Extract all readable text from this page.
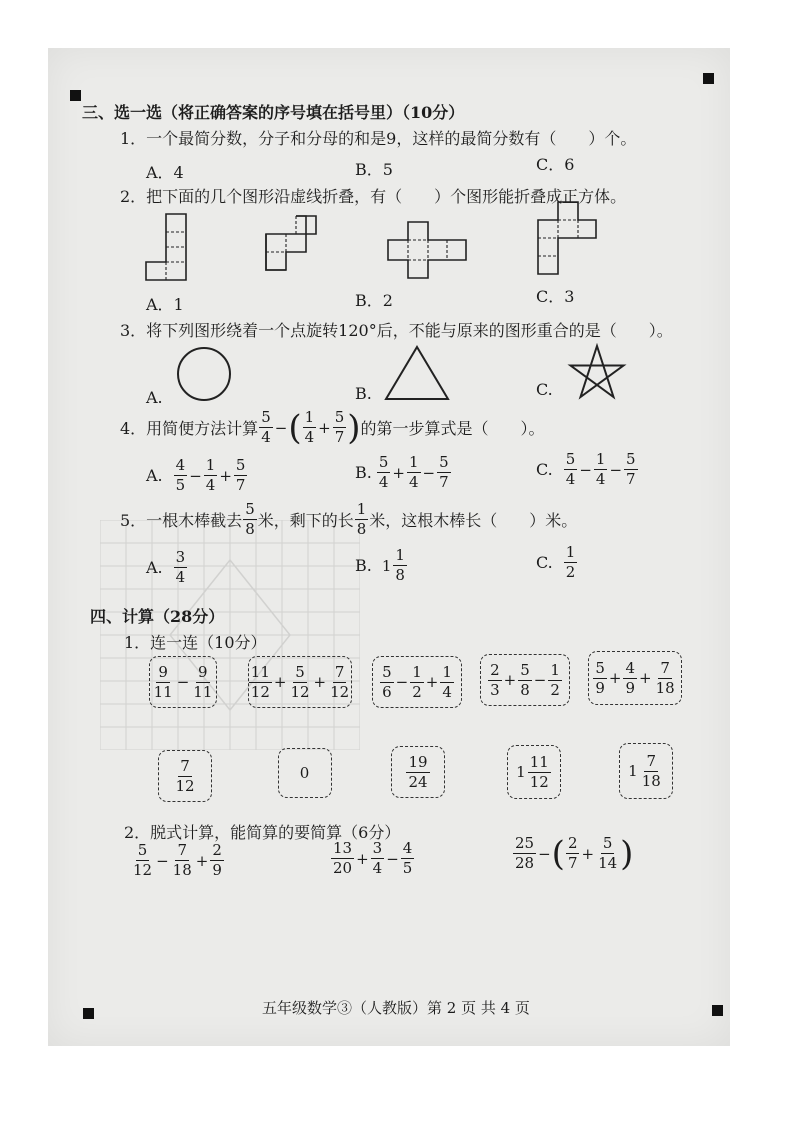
三、选一选（将正确答案的序号填在括号里）（10分）
1．一个最简分数，分子和分母的和是9，这样的最简分数有（　　）个。
A．4	B．5	C．6
2．把下面的几个图形沿虚线折叠，有（　　）个图形能折叠成正方体。
A．1	B．2	C．3
3．将下列图形绕着一个点旋转120°后，不能与原来的图形重合的是（　　）。
A.	B.	C.
4．用简便方法计算 $\frac{5}{4}$ − ( $\frac{1}{4} + \frac{5}{7}$ ) 的第一步算式是（　　）。
A. $\frac{4}{5} - \frac{1}{4} + \frac{5}{7}$	B. $\frac{5}{4} + \frac{1}{4} - \frac{5}{7}$	C. $\frac{5}{4} - \frac{1}{4} - \frac{5}{7}$
5．一根木棒截去 $\frac{5}{8}$ 米，剩下的长 $\frac{1}{8}$ 米，这根木棒长（　　）米。
A. $\frac{3}{4}$	B. $1 \frac{1}{8}$	C. $\frac{1}{2}$
四、计算（28分）
1．连一连（10分）
$\frac{9}{11} - \frac{9}{11} \frac{11}{12} + \frac{5}{12} + \frac{7}{12} \frac{5}{6} - \frac{1}{2} + \frac{1}{4} \frac{2}{3} + \frac{5}{8} - \frac{1}{2} \frac{5}{9} + \frac{4}{9} + \frac{7}{18}$
$\frac{7}{12}$	0	$\frac{19}{24}$	$1 \frac{11}{12}$	$1 \frac{7}{18}$
2．脱式计算，能简算的要简算（6分）
$\frac{5}{12} - \frac{7}{18} + \frac{2}{9}$	$\frac{13}{20} + \frac{3}{4} - \frac{4}{5}$	$\frac{25}{28}$ − ( $\frac{2}{7} + \frac{5}{14}$ )
五年级数学③（人教版）第 2 页 共 4 页
